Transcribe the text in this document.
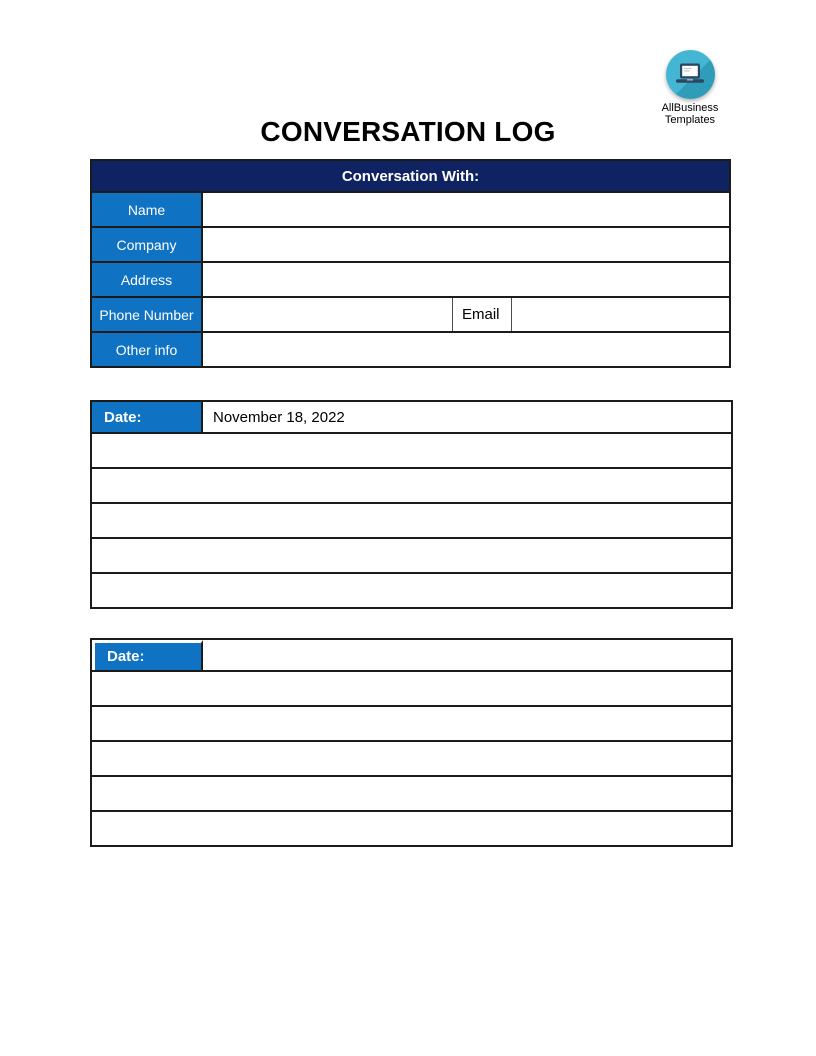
AllBusiness
Templates
CONVERSATION LOG
Conversation With:
Name
Company
Address
Phone Number	Email
Other info
Date:	November 18, 2022
Date:
